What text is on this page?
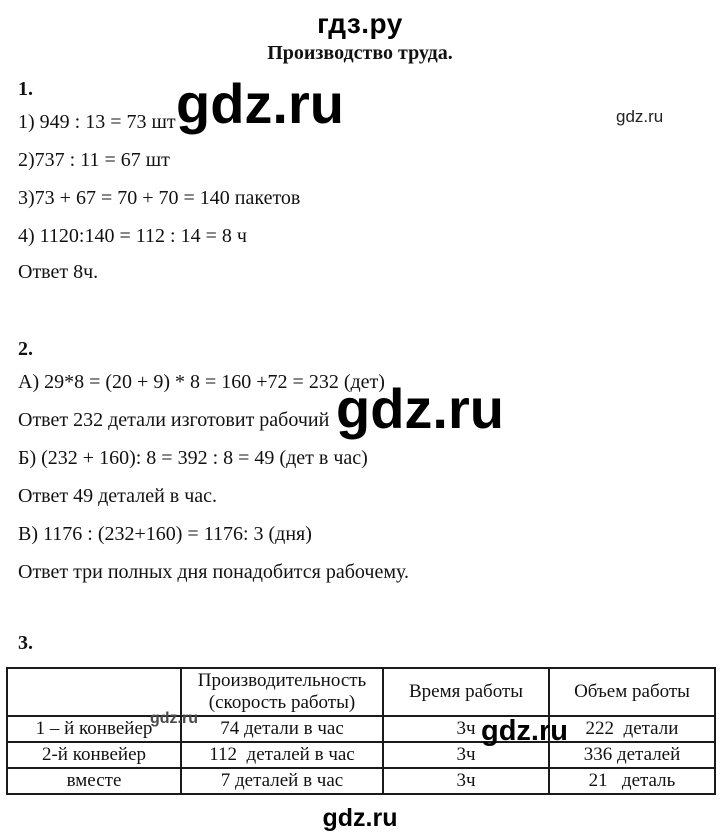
гдз.ру
Производство труда.
1.
1) 949 : 13 = 73 шт
2)737 : 11 = 67 шт
3)73 + 67 = 70 + 70 = 140 пакетов
4) 1120:140 = 112 : 14 = 8 ч
Ответ 8ч.
gdz.ru	gdz.ru
2.
А) 29*8 = (20 + 9) * 8 = 160 +72 = 232 (дет)
Ответ 232 детали изготовит рабочий
Б) (232 + 160): 8 = 392 : 8 = 49 (дет в час)
Ответ 49 деталей в час.
В) 1176 : (232+160) = 1176: 3 (дня)
Ответ три полных дня понадобится рабочему.
gdz.ru
3.
	Производительность (скорость работы)	Время работы	Объем работы
1 – й конвейер	74 детали в час	3ч	222  детали
2-й конвейер	112  деталей в час	3ч	336 деталей
вместе	7 деталей в час	3ч	21   деталь
gdz.ru	gdz.ru
gdz.ru
